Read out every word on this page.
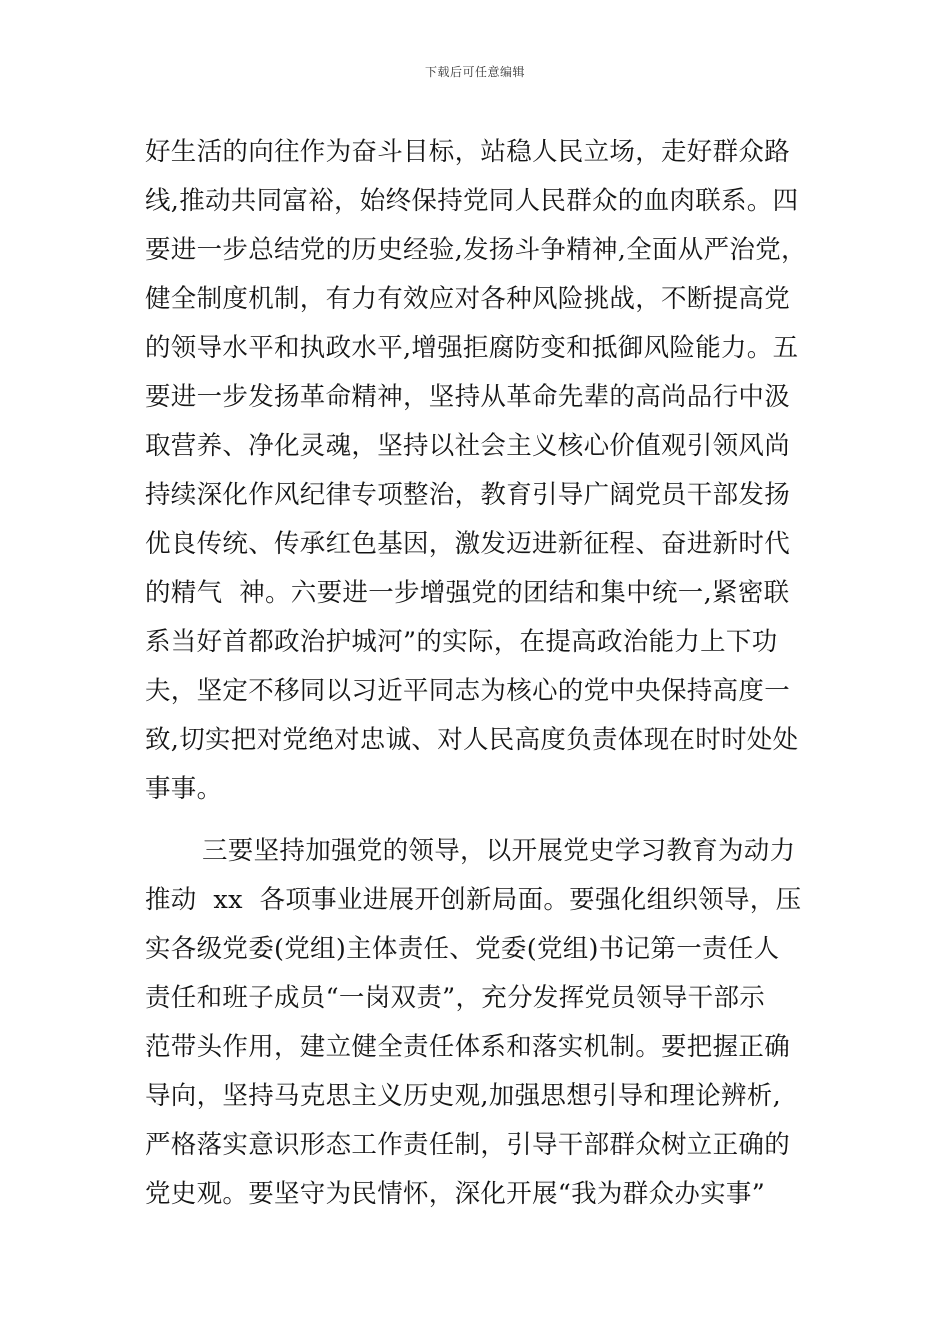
下载后可任意编辑
好生活的向往作为奋斗目标，站稳人民立场，走好群众路
线,推动共同富裕，始终保持党同人民群众的血肉联系。四
要进一步总结党的历史经验,发扬斗争精神,全面从严治党，
健全制度机制，有力有效应对各种风险挑战，不断提高党
的领导水平和执政水平,增强拒腐防变和抵御风险能力。五
要进一步发扬革命精神，坚持从革命先辈的高尚品行中汲
取营养、净化灵魂，坚持以社会主义核心价值观引领风尚
持续深化作风纪律专项整治，教育引导广阔党员干部发扬
优良传统、传承红色基因，激发迈进新征程、奋进新时代
的精气  神。六要进一步增强党的团结和集中统一,紧密联
系当好首都政治护城河”的实际，在提高政治能力上下功
夫，坚定不移同以习近平同志为核心的党中央保持高度一
致,切实把对党绝对忠诚、对人民高度负责体现在时时处处
事事。
三要坚持加强党的领导，以开展党史学习教育为动力
推动  xx  各项事业进展开创新局面。要强化组织领导，压
实各级党委(党组)主体责任、党委(党组)书记第一责任人
责任和班子成员“一岗双责”，充分发挥党员领导干部示
范带头作用，建立健全责任体系和落实机制。要把握正确
导向，坚持马克思主义历史观,加强思想引导和理论辨析,
严格落实意识形态工作责任制，引导干部群众树立正确的
党史观。要坚守为民情怀，深化开展“我为群众办实事”
